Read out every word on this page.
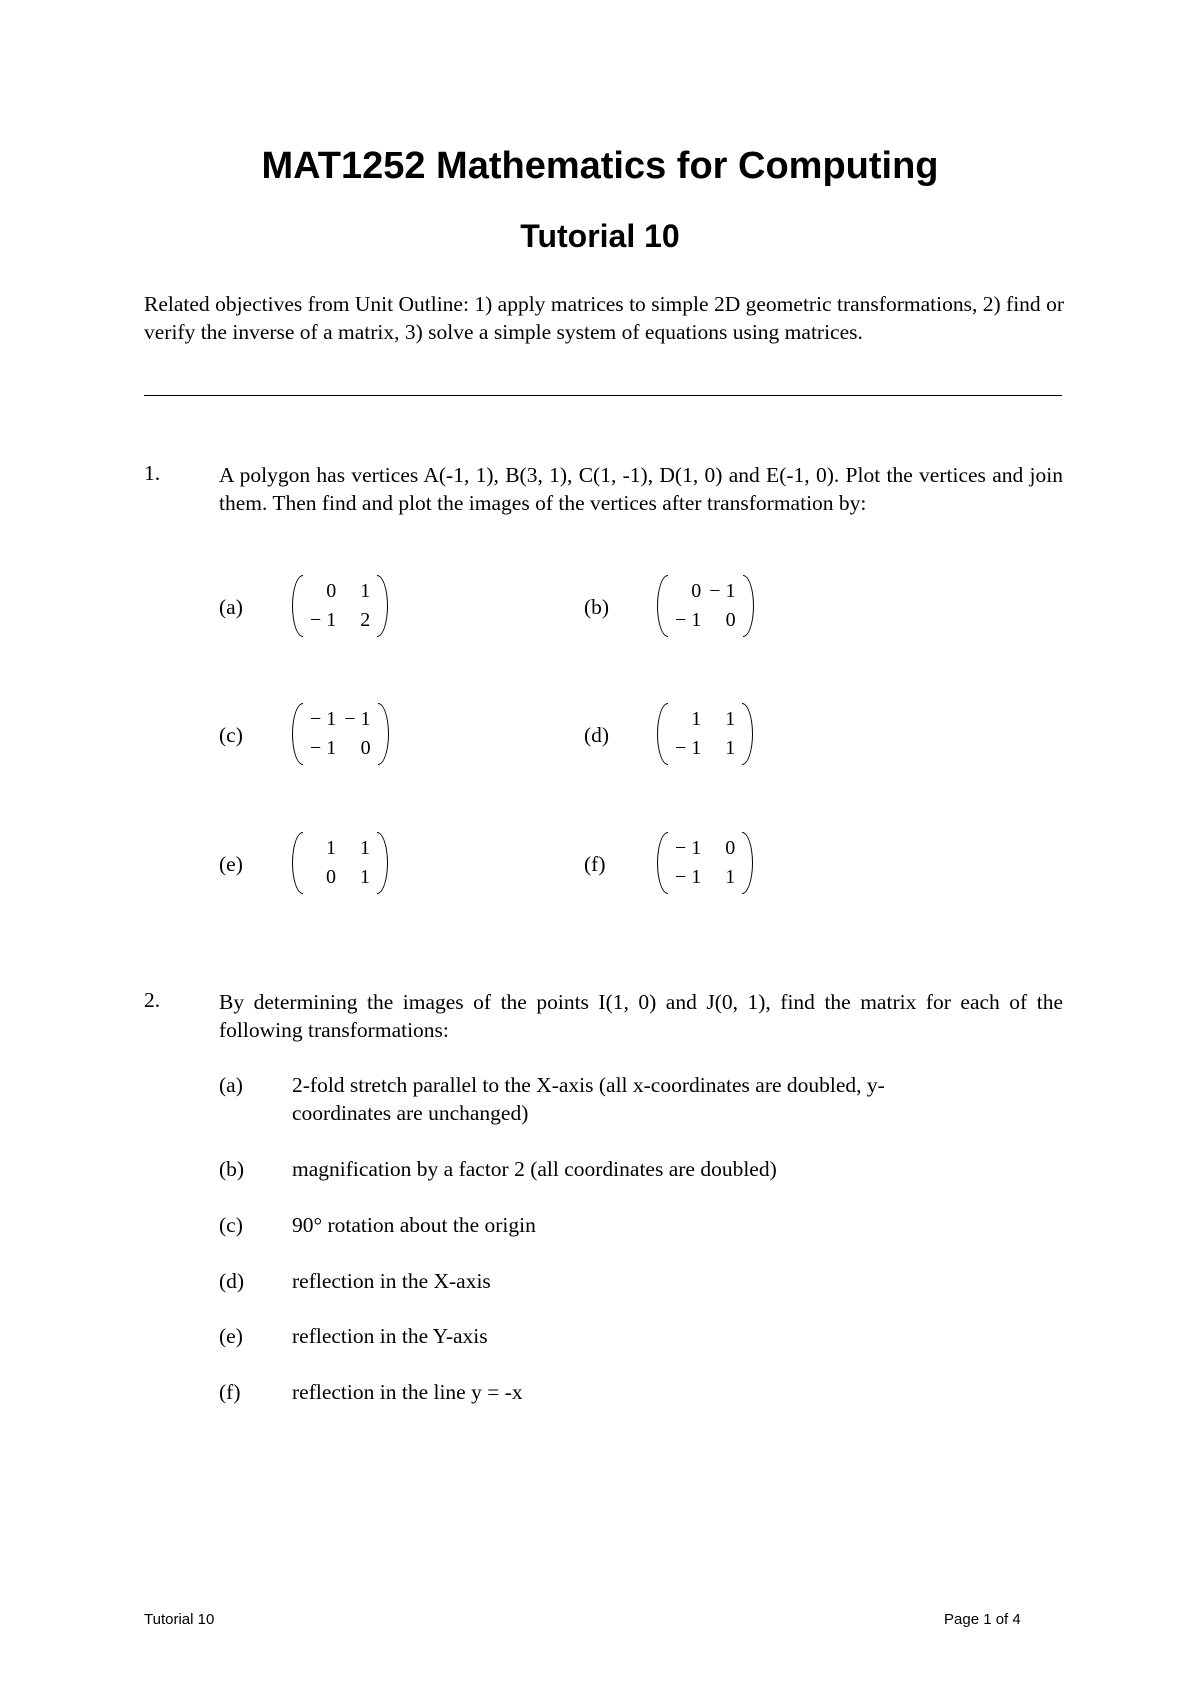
MAT1252 Mathematics for Computing
Tutorial 10
Related objectives from Unit Outline: 1) apply matrices to simple 2D geometric transformations, 2) find or verify the inverse of a matrix, 3) solve a simple system of equations using matrices.
1.	A polygon has vertices A(-1, 1), B(3, 1), C(1, -1), D(1, 0) and E(-1, 0). Plot the vertices and join them. Then find and plot the images of the vertices after transformation by:
(a)
0	1
− 1	2
(b)
0	− 1
− 1	0
(c)
− 1	− 1
− 1	0
(d)
1	1
− 1	1
(e)
1	1
0	1
(f)
− 1	0
− 1	1
2.	By determining the images of the points I(1, 0) and J(0, 1), find the matrix for each of the following transformations:
(a) 2-fold stretch parallel to the X-axis (all x-coordinates are doubled, y-coordinates are unchanged)
(b) magnification by a factor 2 (all coordinates are doubled)
(c) 90° rotation about the origin
(d) reflection in the X-axis
(e) reflection in the Y-axis
(f) reflection in the line y = -x
Tutorial 10	Page 1 of 4
